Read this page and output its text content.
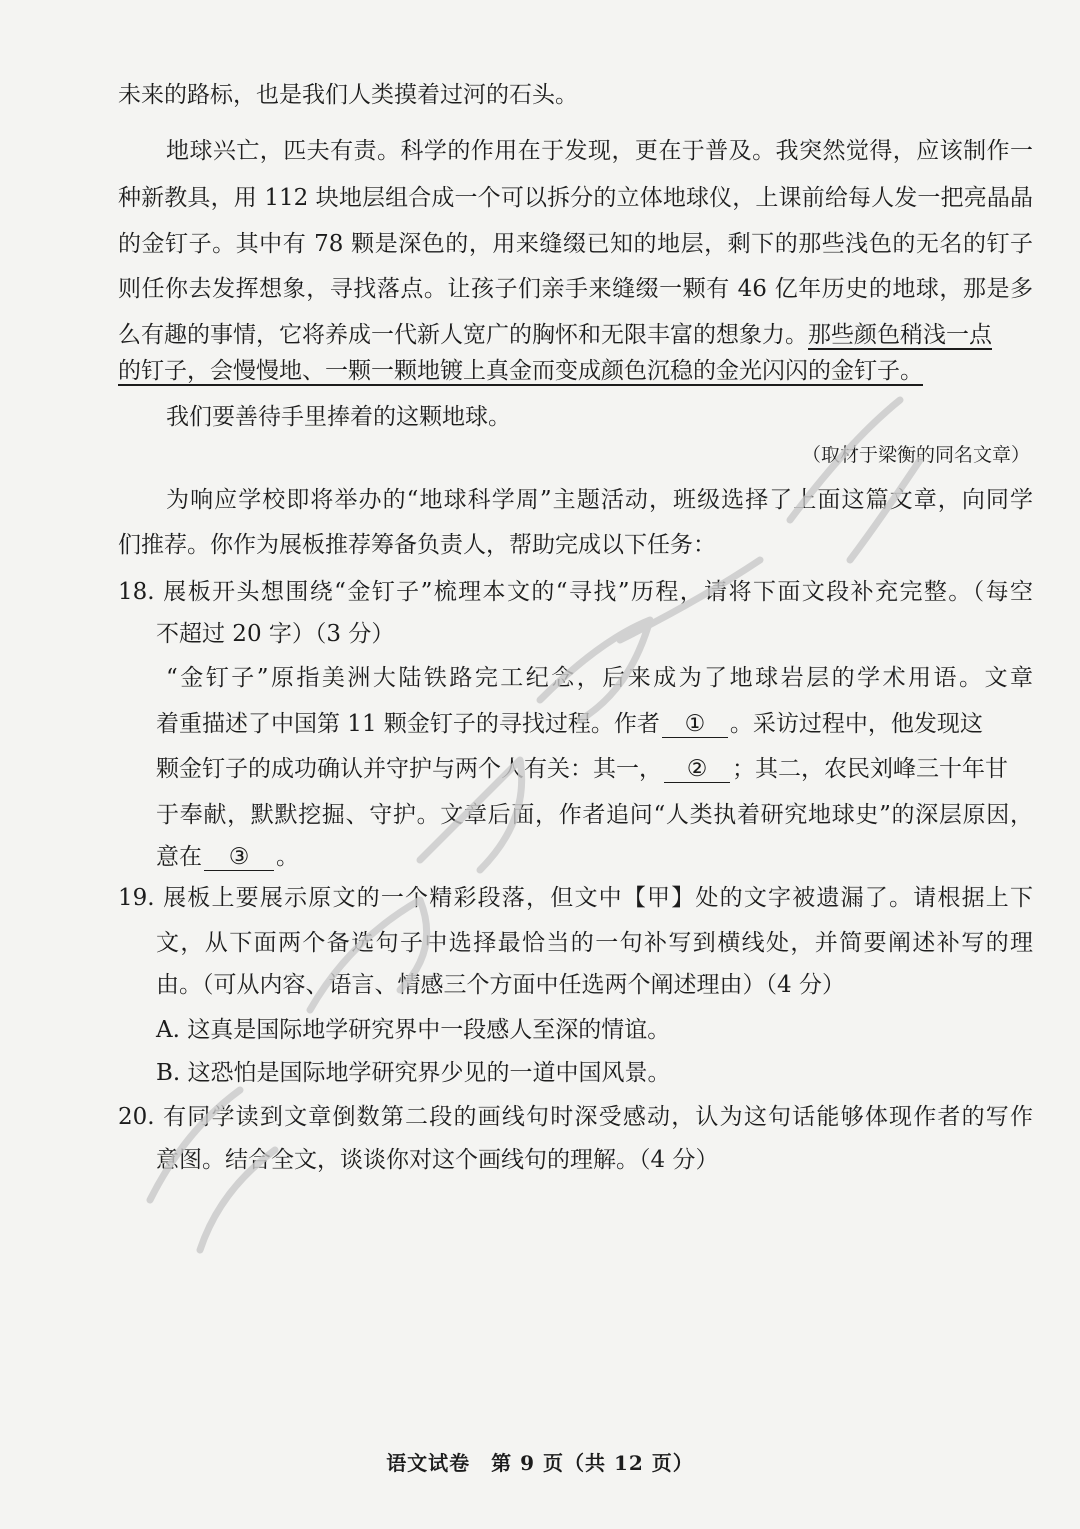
未来的路标，也是我们人类摸着过河的石头。
地球兴亡，匹夫有责。科学的作用在于发现，更在于普及。我突然觉得，应该制作一
种新教具，用 112 块地层组合成一个可以拆分的立体地球仪，上课前给每人发一把亮晶晶
的金钉子。其中有 78 颗是深色的，用来缝缀已知的地层，剩下的那些浅色的无名的钉子
则任你去发挥想象，寻找落点。让孩子们亲手来缝缀一颗有 46 亿年历史的地球，那是多
么有趣的事情，它将养成一代新人宽广的胸怀和无限丰富的想象力。那些颜色稍浅一点
的钉子，会慢慢地、一颗一颗地镀上真金而变成颜色沉稳的金光闪闪的金钉子。
我们要善待手里捧着的这颗地球。
（取材于梁衡的同名文章）
为响应学校即将举办的“地球科学周”主题活动，班级选择了上面这篇文章，向同学
们推荐。你作为展板推荐筹备负责人，帮助完成以下任务：
18. 展板开头想围绕“金钉子”梳理本文的“寻找”历程，请将下面文段补充完整。（每空
不超过 20 字）（3 分）
“金钉子”原指美洲大陆铁路完工纪念，后来成为了地球岩层的学术用语。文章
着重描述了中国第 11 颗金钉子的寻找过程。作者 ① 。采访过程中，他发现这
颗金钉子的成功确认并守护与两个人有关：其一， ② ；其二，农民刘峰三十年甘
于奉献，默默挖掘、守护。文章后面，作者追问“人类执着研究地球史”的深层原因，
意在 ③ 。
19. 展板上要展示原文的一个精彩段落，但文中【甲】处的文字被遗漏了。请根据上下
文，从下面两个备选句子中选择最恰当的一句补写到横线处，并简要阐述补写的理
由。（可从内容、语言、情感三个方面中任选两个阐述理由）（4 分）
A. 这真是国际地学研究界中一段感人至深的情谊。
B. 这恐怕是国际地学研究界少见的一道中国风景。
20. 有同学读到文章倒数第二段的画线句时深受感动，认为这句话能够体现作者的写作
意图。结合全文，谈谈你对这个画线句的理解。（4 分）
语文试卷　第 9 页（共 12 页）
